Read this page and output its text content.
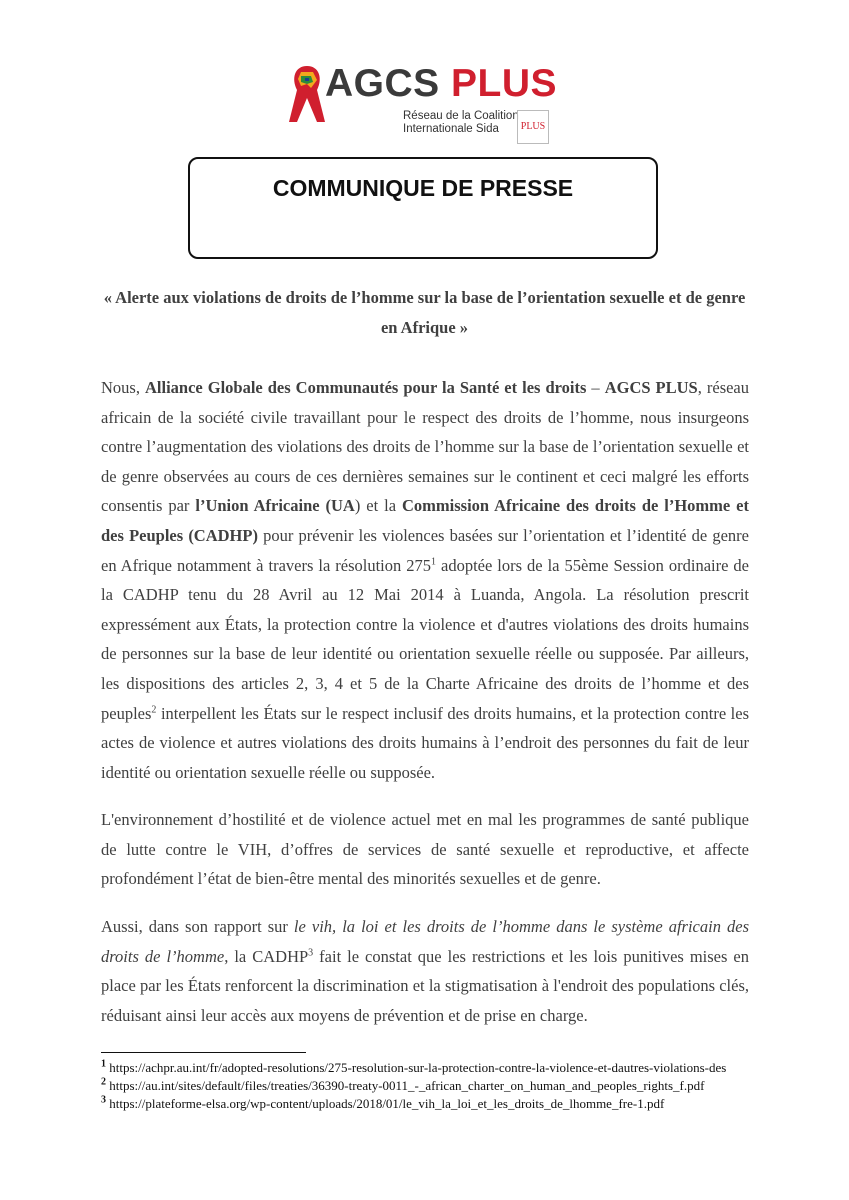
AGCS PLUS
Réseau de la Coalition
Internationale Sida	PLUS
COMMUNIQUE DE PRESSE
« Alerte aux violations de droits de l’homme sur la base de l’orientation sexuelle et de genre en Afrique »
Nous, Alliance Globale des Communautés pour la Santé et les droits – AGCS PLUS, réseau africain de la société civile travaillant pour le respect des droits de l’homme, nous insurgeons contre l’augmentation des violations des droits de l’homme sur la base de l’orientation sexuelle et de genre observées au cours de ces dernières semaines sur le continent et ceci malgré les efforts consentis par l’Union Africaine (UA) et la Commission Africaine des droits de l’Homme et des Peuples (CADHP) pour prévenir les violences basées sur l’orientation et l’identité de genre en Afrique notamment à travers la résolution $275^1$ adoptée lors de la 55ème Session ordinaire de la CADHP tenu du 28 Avril au 12 Mai 2014 à Luanda, Angola. La résolution prescrit expressément aux États, la protection contre la violence et d'autres violations des droits humains de personnes sur la base de leur identité ou orientation sexuelle réelle ou supposée. Par ailleurs, les dispositions des articles 2, 3, 4 et 5 de la Charte Africaine des droits de l’homme et des peuples$^2$ interpellent les États sur le respect inclusif des droits humains, et la protection contre les actes de violence et autres violations des droits humains à l’endroit des personnes du fait de leur identité ou orientation sexuelle réelle ou supposée.
L'environnement d’hostilité et de violence actuel met en mal les programmes de santé publique de lutte contre le VIH, d’offres de services de santé sexuelle et reproductive, et affecte profondément l’état de bien-être mental des minorités sexuelles et de genre.
Aussi, dans son rapport sur le vih, la loi et les droits de l’homme dans le système africain des droits de l’homme, la CADHP$^3$ fait le constat que les restrictions et les lois punitives mises en place par les États renforcent la discrimination et la stigmatisation à l'endroit des populations clés, réduisant ainsi leur accès aux moyens de prévention et de prise en charge.

$^1$ https://achpr.au.int/fr/adopted-resolutions/275-resolution-sur-la-protection-contre-la-violence-et-dautres-violations-des

$^2$ https://au.int/sites/default/files/treaties/36390-treaty-0011_-_african_charter_on_human_and_peoples_rights_f.pdf

$^3$ https://plateforme-elsa.org/wp-content/uploads/2018/01/le_vih_la_loi_et_les_droits_de_lhomme_fre-1.pdf
